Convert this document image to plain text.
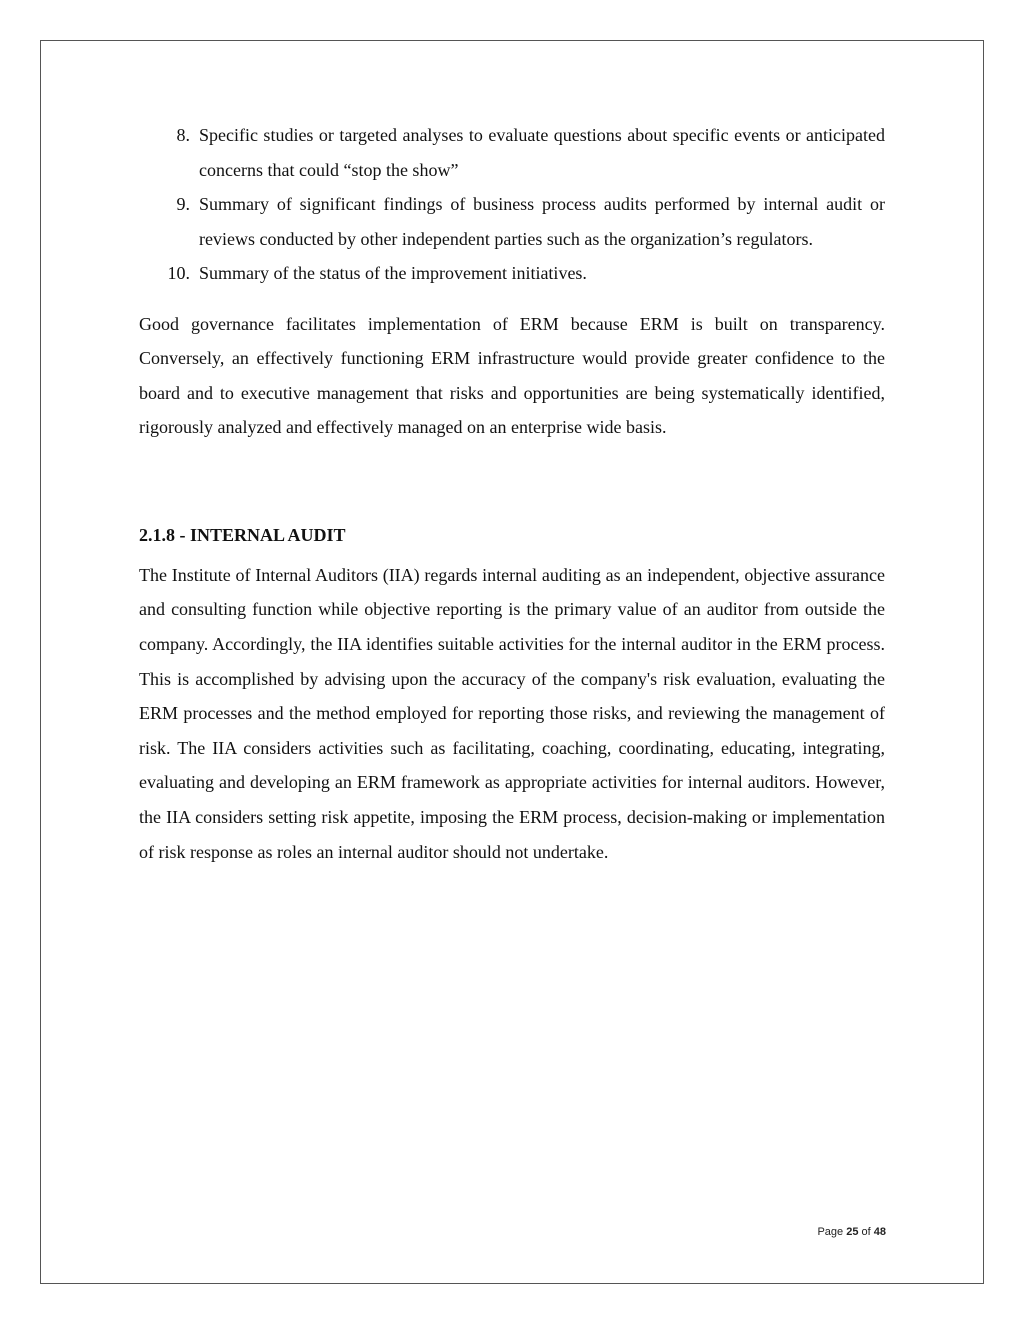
8. Specific studies or targeted analyses to evaluate questions about specific events or anticipated concerns that could “stop the show”
9. Summary of significant findings of business process audits performed by internal audit or reviews conducted by other independent parties such as the organization’s regulators.
10. Summary of the status of the improvement initiatives.

Good governance facilitates implementation of ERM because ERM is built on transparency. Conversely, an effectively functioning ERM infrastructure would provide greater confidence to the board and to executive management that risks and opportunities are being systematically identified, rigorously analyzed and effectively managed on an enterprise wide basis.

2.1.8 - INTERNAL AUDIT

The Institute of Internal Auditors (IIA) regards internal auditing as an independent, objective assurance and consulting function while objective reporting is the primary value of an auditor from outside the company. Accordingly, the IIA identifies suitable activities for the internal auditor in the ERM process. This is accomplished by advising upon the accuracy of the company's risk evaluation, evaluating the ERM processes and the method employed for reporting those risks, and reviewing the management of risk. The IIA considers activities such as facilitating, coaching, coordinating, educating, integrating, evaluating and developing an ERM framework as appropriate activities for internal auditors. However, the IIA considers setting risk appetite, imposing the ERM process, decision-making or implementation of risk response as roles an internal auditor should not undertake.

Page 25 of 48
